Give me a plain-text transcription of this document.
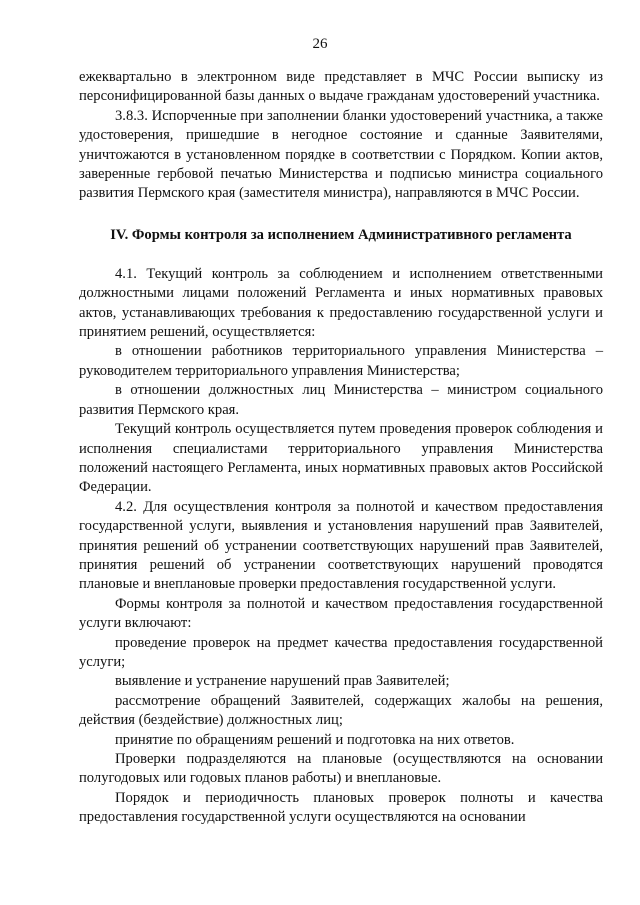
26

ежеквартально в электронном виде представляет в МЧС России выписку из персонифицированной базы данных о выдаче гражданам удостоверений участника.

3.8.3. Испорченные при заполнении бланки удостоверений участника, а также удостоверения, пришедшие в негодное состояние и сданные Заявителями, уничтожаются в установленном порядке в соответствии с Порядком. Копии актов, заверенные гербовой печатью Министерства и подписью министра социального развития Пермского края (заместителя министра), направляются в МЧС России.

IV. Формы контроля за исполнением Административного регламента

4.1. Текущий контроль за соблюдением и исполнением ответственными должностными лицами положений Регламента и иных нормативных правовых актов, устанавливающих требования к предоставлению государственной услуги и принятием решений, осуществляется:

в отношении работников территориального управления Министерства – руководителем территориального управления Министерства;

в отношении должностных лиц Министерства – министром социального развития Пермского края.

Текущий контроль осуществляется путем проведения проверок соблюдения и исполнения специалистами территориального управления Министерства положений настоящего Регламента, иных нормативных правовых актов Российской Федерации.

4.2. Для осуществления контроля за полнотой и качеством предоставления государственной услуги, выявления и установления нарушений прав Заявителей, принятия решений об устранении соответствующих нарушений прав Заявителей, принятия решений об устранении соответствующих нарушений проводятся плановые и внеплановые проверки предоставления государственной услуги.

Формы контроля за полнотой и качеством предоставления государственной услуги включают:

проведение проверок на предмет качества предоставления государственной услуги;

выявление и устранение нарушений прав Заявителей;

рассмотрение обращений Заявителей, содержащих жалобы на решения, действия (бездействие) должностных лиц;

принятие по обращениям решений и подготовка на них ответов.

Проверки подразделяются на плановые (осуществляются на основании полугодовых или годовых планов работы) и внеплановые.

Порядок и периодичность плановых проверок полноты и качества предоставления государственной услуги осуществляются на основании
